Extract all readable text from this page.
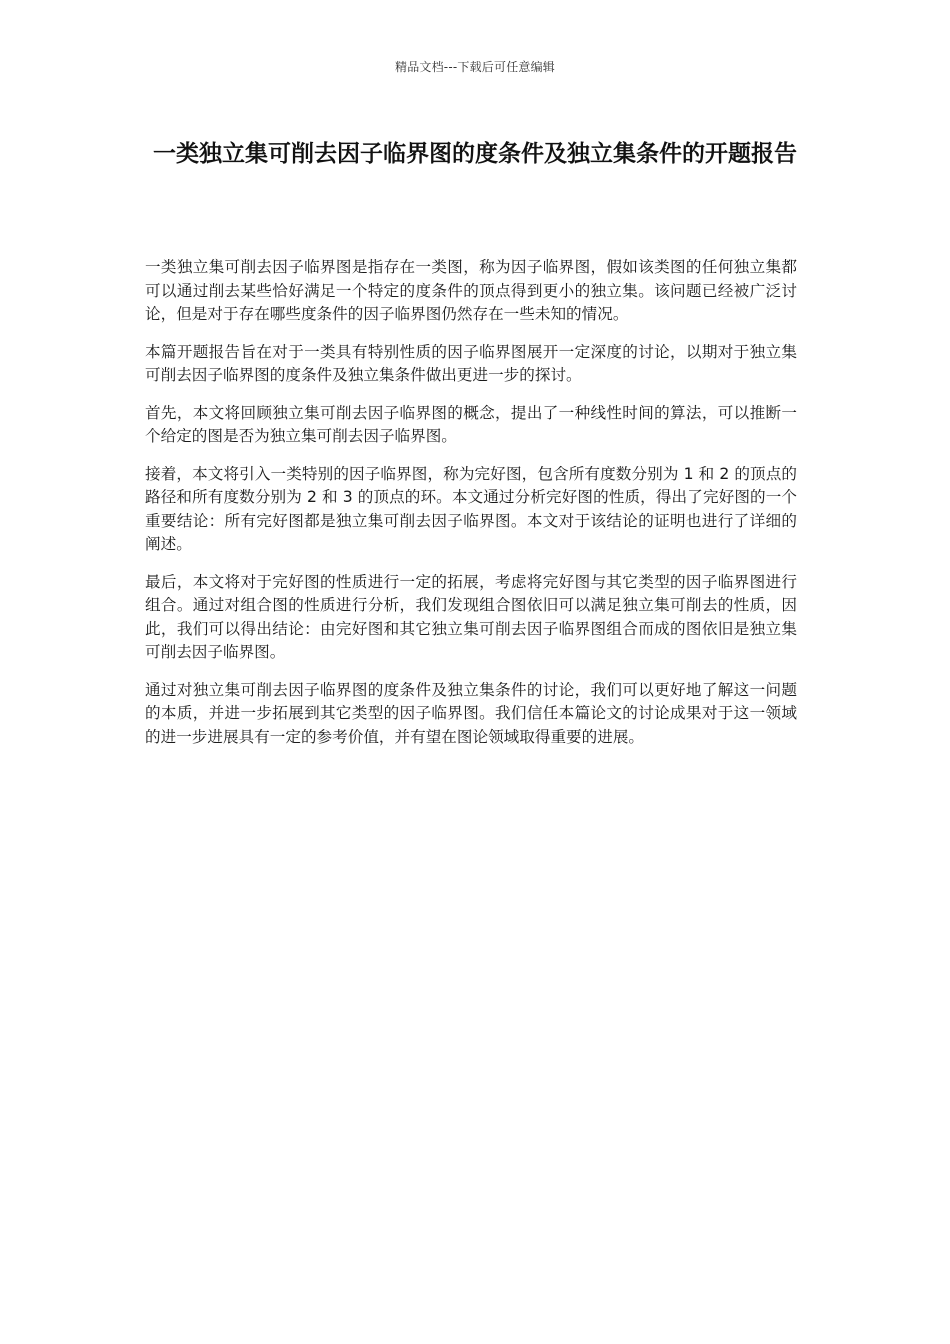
精品文档---下载后可任意编辑
一类独立集可削去因子临界图的度条件及独立集条件的开题报告

一类独立集可削去因子临界图是指存在一类图，称为因子临界图，假如该类图的任何独立集都可以通过削去某些恰好满足一个特定的度条件的顶点得到更小的独立集。该问题已经被广泛讨论，但是对于存在哪些度条件的因子临界图仍然存在一些未知的情况。

本篇开题报告旨在对于一类具有特别性质的因子临界图展开一定深度的讨论，以期对于独立集可削去因子临界图的度条件及独立集条件做出更进一步的探讨。

首先，本文将回顾独立集可削去因子临界图的概念，提出了一种线性时间的算法，可以推断一个给定的图是否为独立集可削去因子临界图。

接着，本文将引入一类特别的因子临界图，称为完好图，包含所有度数分别为 1 和 2 的顶点的路径和所有度数分别为 2 和 3 的顶点的环。本文通过分析完好图的性质，得出了完好图的一个重要结论：所有完好图都是独立集可削去因子临界图。本文对于该结论的证明也进行了详细的阐述。

最后，本文将对于完好图的性质进行一定的拓展，考虑将完好图与其它类型的因子临界图进行组合。通过对组合图的性质进行分析，我们发现组合图依旧可以满足独立集可削去的性质，因此，我们可以得出结论：由完好图和其它独立集可削去因子临界图组合而成的图依旧是独立集可削去因子临界图。

通过对独立集可削去因子临界图的度条件及独立集条件的讨论，我们可以更好地了解这一问题的本质，并进一步拓展到其它类型的因子临界图。我们信任本篇论文的讨论成果对于这一领域的进一步进展具有一定的参考价值，并有望在图论领域取得重要的进展。
